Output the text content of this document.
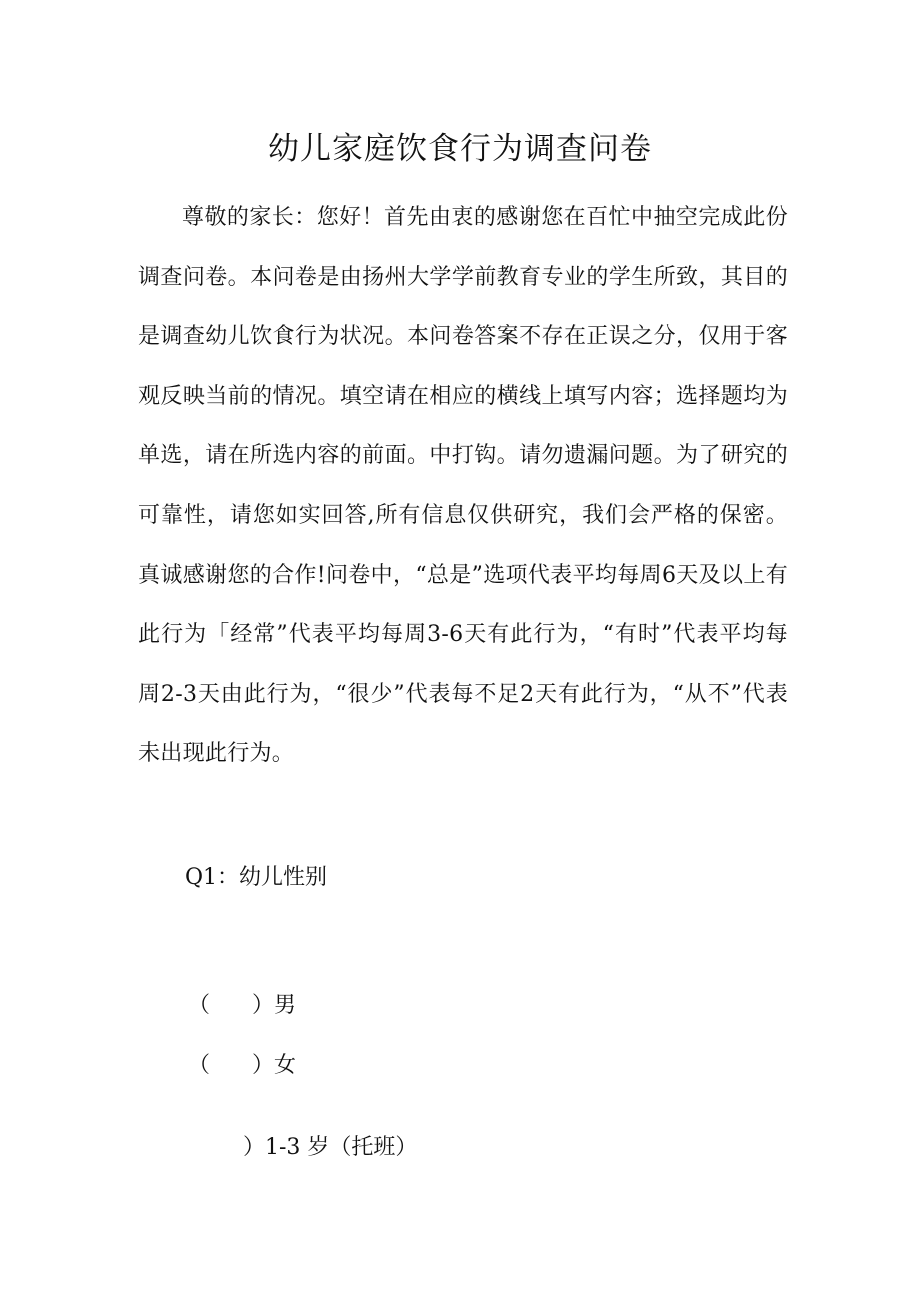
幼儿家庭饮食行为调查问卷

尊敬的家长：您好！首先由衷的感谢您在百忙中抽空完成此份调查问卷。本问卷是由扬州大学学前教育专业的学生所致，其目的是调查幼儿饮食行为状况。本问卷答案不存在正误之分，仅用于客观反映当前的情况。填空请在相应的横线上填写内容；选择题均为单选，请在所选内容的前面。中打钩。请勿遗漏问题。为了研究的可靠性，请您如实回答,所有信息仅供研究，我们会严格的保密。真诚感谢您的合作!问卷中，“总是”选项代表平均每周6天及以上有此行为「经常”代表平均每周3-6天有此行为，“有时”代表平均每周2-3天由此行为，“很少”代表每不足2天有此行为，“从不”代表未出现此行为。

Q1：幼儿性别

（ ）男

（ ）女

）1-3 岁（托班）
